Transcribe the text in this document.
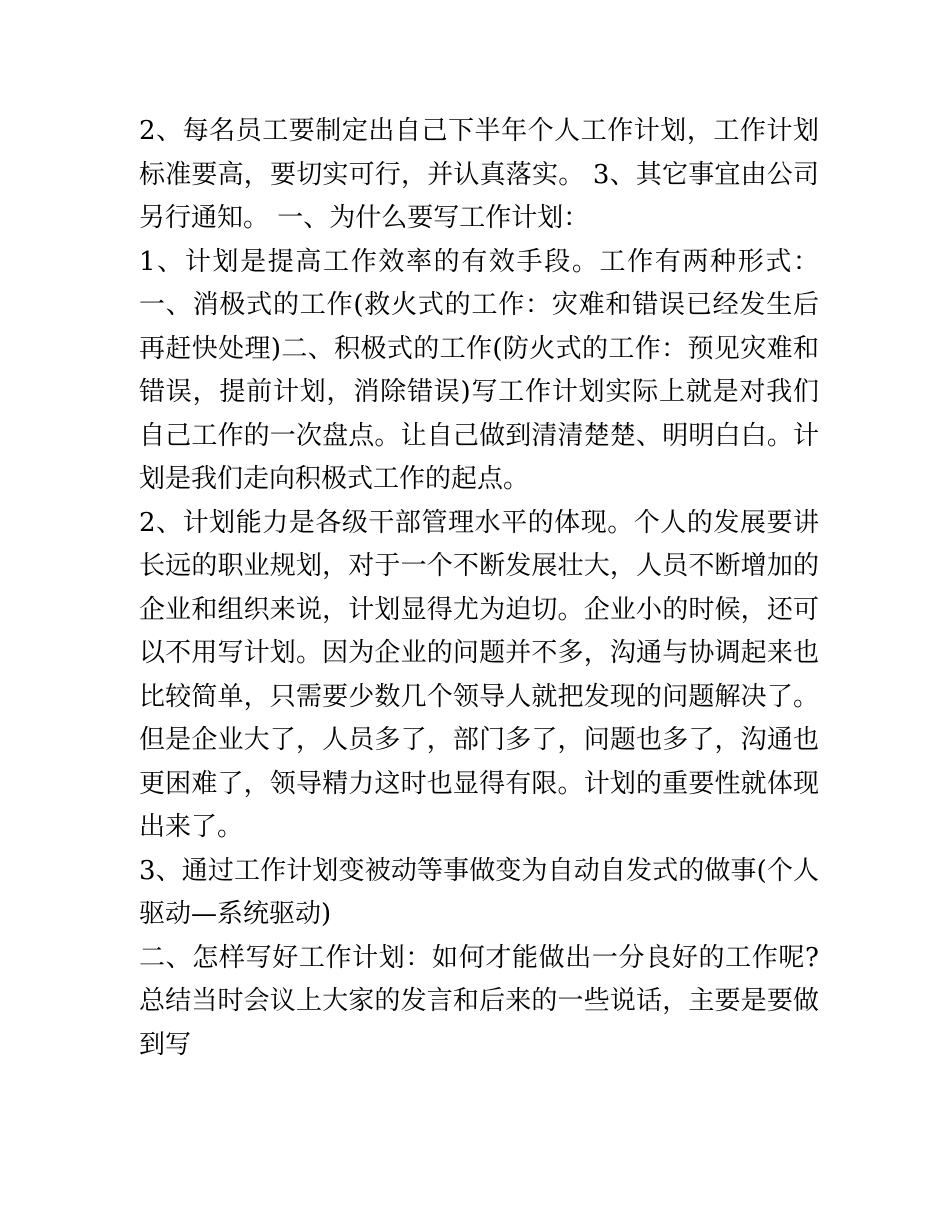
2、每名员工要制定出自己下半年个人工作计划，工作计划标准要高，要切实可行，并认真落实。 3、其它事宜由公司另行通知。 一、为什么要写工作计划：

1、计划是提高工作效率的有效手段。工作有两种形式：一、消极式的工作(救火式的工作：灾难和错误已经发生后再赶快处理)二、积极式的工作(防火式的工作：预见灾难和错误，提前计划，消除错误)写工作计划实际上就是对我们自己工作的一次盘点。让自己做到清清楚楚、明明白白。计划是我们走向积极式工作的起点。

2、计划能力是各级干部管理水平的体现。个人的发展要讲长远的职业规划，对于一个不断发展壮大，人员不断增加的企业和组织来说，计划显得尤为迫切。企业小的时候，还可以不用写计划。因为企业的问题并不多，沟通与协调起来也比较简单，只需要少数几个领导人就把发现的问题解决了。但是企业大了，人员多了，部门多了，问题也多了，沟通也更困难了，领导精力这时也显得有限。计划的重要性就体现出来了。

3、通过工作计划变被动等事做变为自动自发式的做事(个人驱动—系统驱动)

二、怎样写好工作计划：如何才能做出一分良好的工作呢?总结当时会议上大家的发言和后来的一些说话，主要是要做到写
